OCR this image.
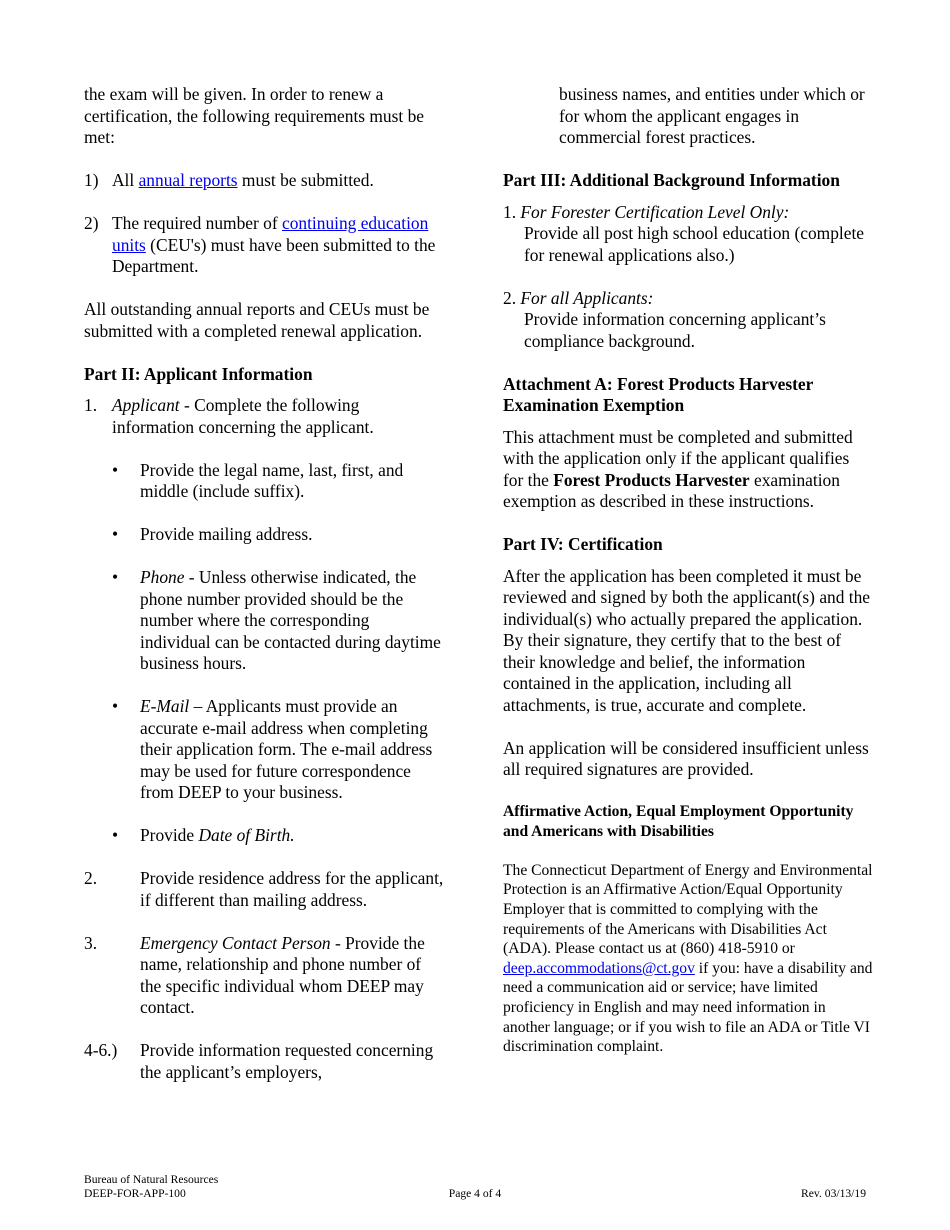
the exam will be given. In order to renew a certification, the following requirements must be met:

1) All annual reports must be submitted.
2) The required number of continuing education units (CEU's) must have been submitted to the Department.

All outstanding annual reports and CEUs must be submitted with a completed renewal application.

Part II: Applicant Information

1. Applicant - Complete the following information concerning the applicant.
•	Provide the legal name, last, first, and middle (include suffix).
•	Provide mailing address.
•	Phone - Unless otherwise indicated, the phone number provided should be the number where the corresponding individual can be contacted during daytime business hours.
•	E-Mail – Applicants must provide an accurate e-mail address when completing their application form. The e-mail address may be used for future correspondence from DEEP to your business.
•	Provide Date of Birth.
2.	Provide residence address for the applicant, if different than mailing address.
3.	Emergency Contact Person - Provide the name, relationship and phone number of the specific individual whom DEEP may contact.
4-6.)	Provide information requested concerning the applicant’s employers,

business names, and entities under which or for whom the applicant engages in commercial forest practices.

Part III: Additional Background Information

1. For Forester Certification Level Only:

Provide all post high school education (complete for renewal applications also.)

2. For all Applicants:

Provide information concerning applicant’s compliance background.

Attachment A: Forest Products Harvester Examination Exemption

This attachment must be completed and submitted with the application only if the applicant qualifies for the Forest Products Harvester examination exemption as described in these instructions.

Part IV: Certification

After the application has been completed it must be reviewed and signed by both the applicant(s) and the individual(s) who actually prepared the application. By their signature, they certify that to the best of their knowledge and belief, the information contained in the application, including all attachments, is true, accurate and complete.

An application will be considered insufficient unless all required signatures are provided.

Affirmative Action, Equal Employment Opportunity and Americans with Disabilities

The Connecticut Department of Energy and Environmental Protection is an Affirmative Action/Equal Opportunity Employer that is committed to complying with the requirements of the Americans with Disabilities Act (ADA). Please contact us at (860) 418-5910 or deep.accommodations@ct.gov if you: have a disability and need a communication aid or service; have limited proficiency in English and may need information in another language; or if you wish to file an ADA or Title VI discrimination complaint.

Bureau of Natural Resources
DEEP-FOR-APP-100	Page 4 of 4	Rev. 03/13/19
